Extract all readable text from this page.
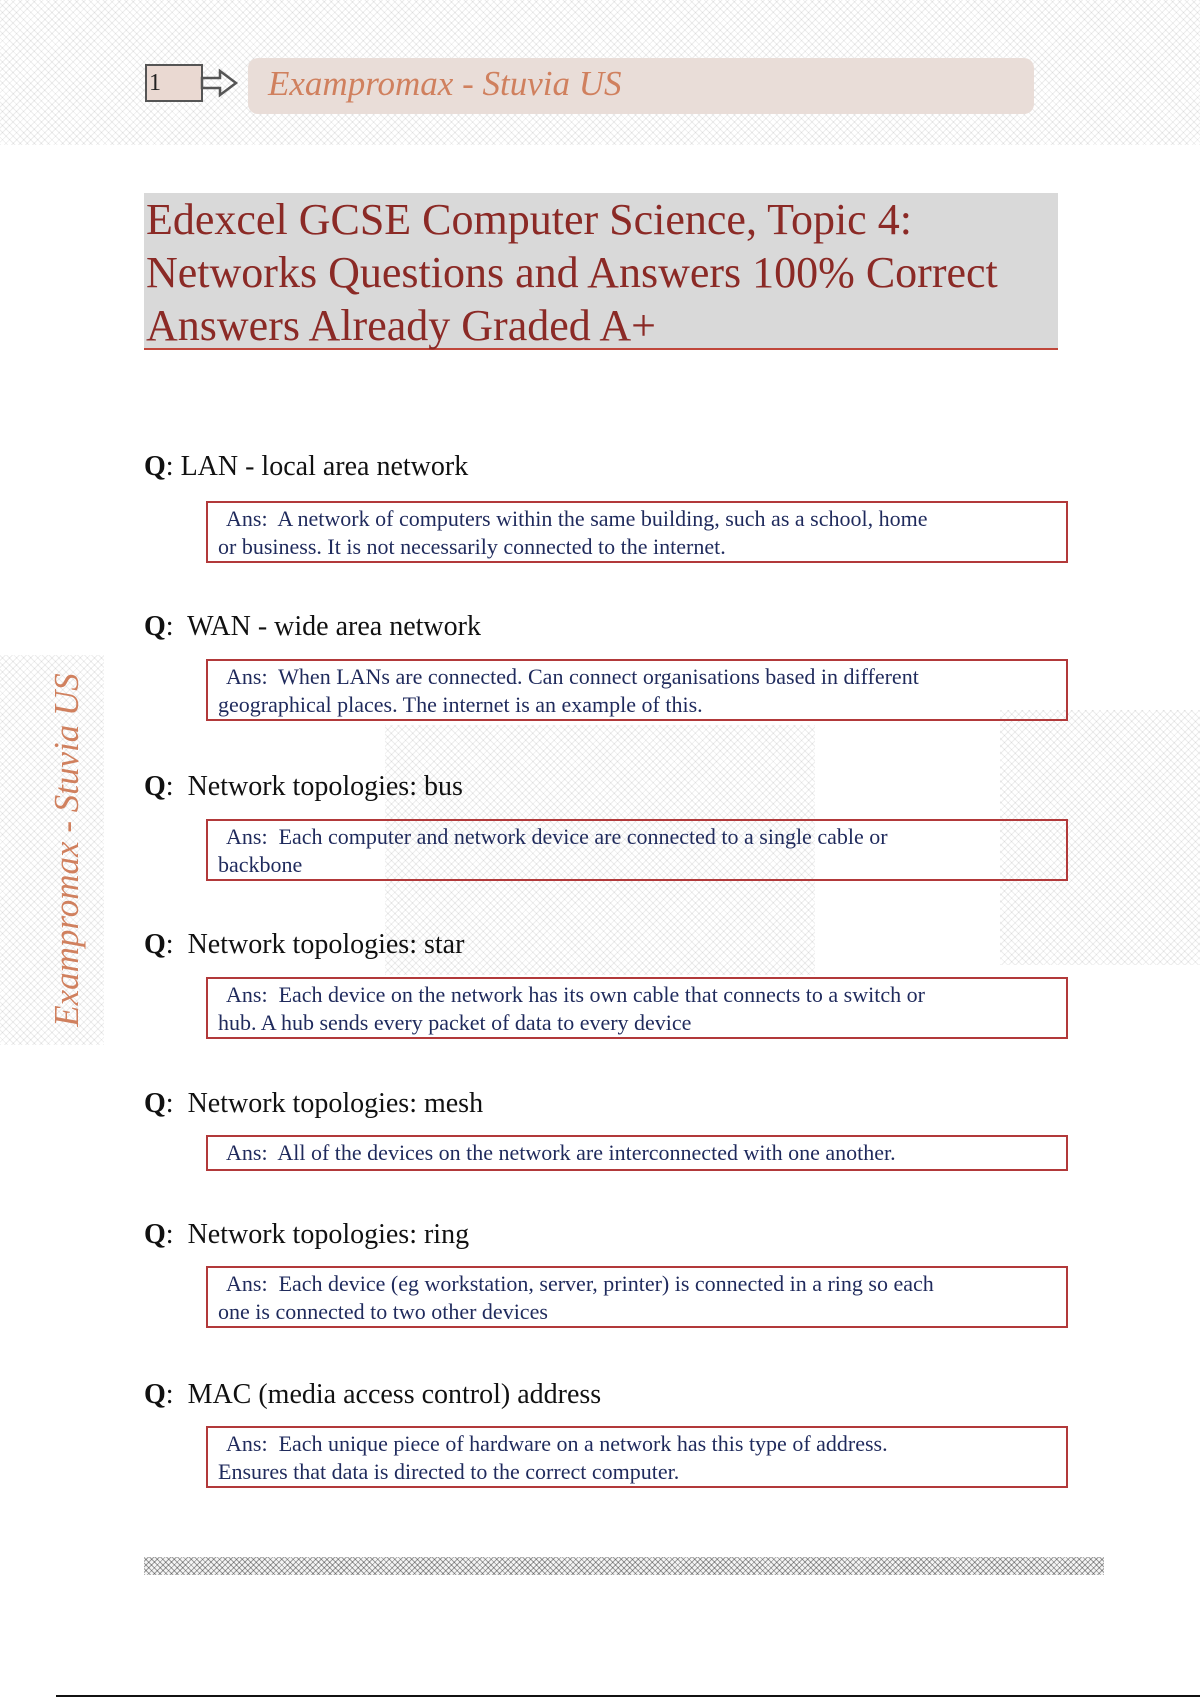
1	Exampromax - Stuvia US
Edexcel GCSE Computer Science, Topic 4:
Networks Questions and Answers 100% Correct
Answers Already Graded A+
Exampromax - Stuvia US
Q: LAN - local area network
Ans: A network of computers within the same building, such as a school, home
or business. It is not necessarily connected to the internet.
Q:  WAN - wide area network
Ans: When LANs are connected. Can connect organisations based in different
geographical places. The internet is an example of this.
Q:  Network topologies: bus
Ans: Each computer and network device are connected to a single cable or
backbone
Q:  Network topologies: star
Ans: Each device on the network has its own cable that connects to a switch or
hub. A hub sends every packet of data to every device
Q:  Network topologies: mesh
Ans: All of the devices on the network are interconnected with one another.
Q:  Network topologies: ring
Ans: Each device (eg workstation, server, printer) is connected in a ring so each
one is connected to two other devices
Q:  MAC (media access control) address
Ans: Each unique piece of hardware on a network has this type of address.
Ensures that data is directed to the correct computer.
